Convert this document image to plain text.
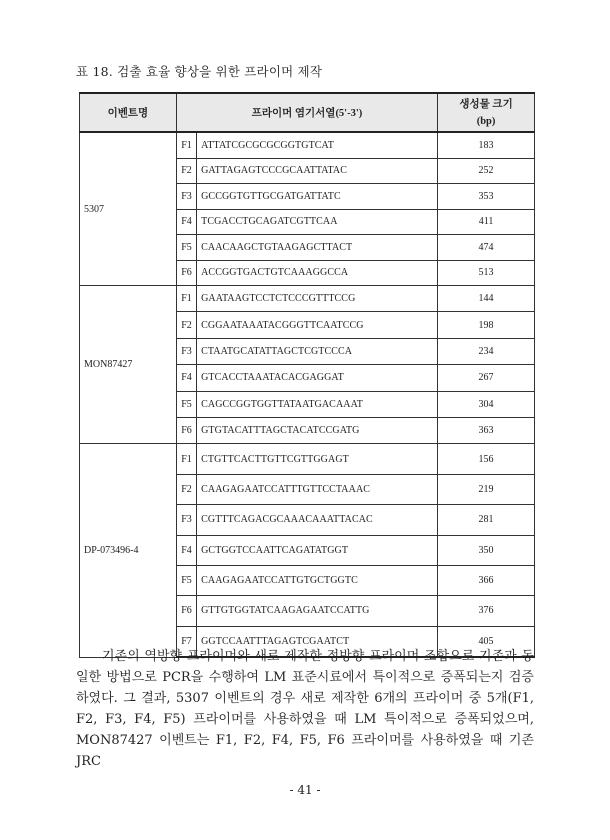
표 18. 검출 효율 향상을 위한 프라이머 제작
이벤트명	프라이머 염기서열(5'-3')		생성물 크기
(bp)

5307	F1	ATTATCGCGCGCGGTGTCAT	183
	F2	GATTAGAGTCCCGCAATTATAC	252
	F3	GCCGGTGTTGCGATGATTATC	353
	F4	TCGACCTGCAGATCGTTCAA	411
	F5	CAACAAGCTGTAAGAGCTTACT	474
	F6	ACCGGTGACTGTCAAAGGCCA	513
MON87427	F1	GAATAAGTCCTCTCCCGTTTCCG	144
	F2	CGGAATAAATACGGGTTCAATCCG	198
	F3	CTAATGCATATTAGCTCGTCCCA	234
	F4	GTCACCTAAATACACGAGGAT	267
	F5	CAGCCGGTGGTTATAATGACAAAT	304
	F6	GTGTACATTTAGCTACATCCGATG	363
DP-073496-4	F1	CTGTTCACTTGTTCGTTGGAGT	156
	F2	CAAGAGAATCCATTTGTTCCTAAAC	219
	F3	CGTTTCAGACGCAAACAAATTACAC	281
	F4	GCTGGTCCAATTCAGATATGGT	350
	F5	CAAGAGAATCCATTGTGCTGGTC	366
	F6	GTTGTGGTATCAAGAGAATCCATTG	376
	F7	GGTCCAATTTAGAGTCGAATCT	405

기존의 역방향 프라이머와 새로 제작한 정방향 프라이머 조합으로 기존과 동일한 방법으로 PCR을 수행하여 LM 표준시료에서 특이적으로 증폭되는지 검증하였다. 그 결과, 5307 이벤트의 경우 새로 제작한 6개의 프라이머 중 5개(F1, F2, F3, F4, F5) 프라이머를 사용하였을 때 LM 특이적으로 증폭되었으며, MON87427 이벤트는 F1, F2, F4, F5, F6 프라이머를 사용하였을 때 기존 JRC

- 41 -
